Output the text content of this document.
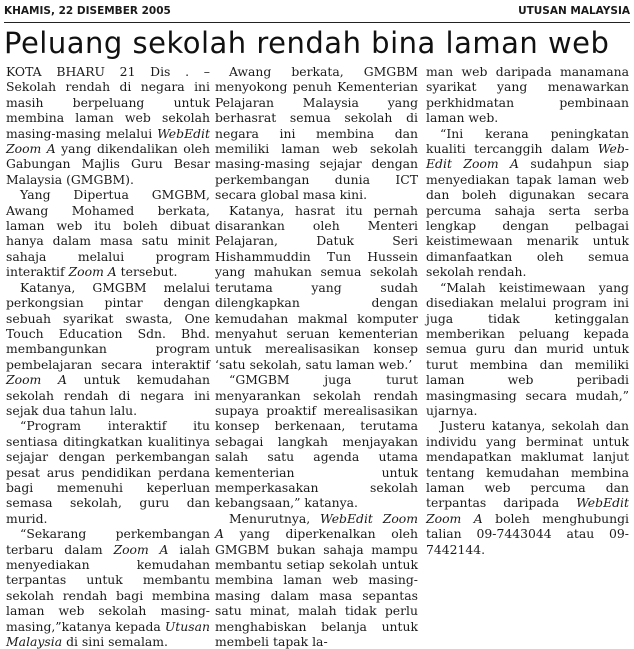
KHAMIS, 22 DISEMBER 2005	UTUSAN MALAYSIA
Peluang sekolah rendah bina laman web

KOTA BHARU 21 Dis . – Sekolah rendah di negara ini masih berpeluang untuk membina laman web sekolah masing-masing melalui WebEdit Zoom A yang dikendalikan oleh Gabungan Majlis Guru Besar Malaysia (GMGBM).

Yang Dipertua GMGBM, Awang Mohamed berkata, laman web itu boleh dibuat hanya dalam masa satu minit sahaja melalui program interaktif Zoom A tersebut.

Katanya, GMGBM melalui perkongsian pintar dengan sebuah syarikat swasta, One Touch Education Sdn. Bhd. membangunkan program pembelajaran secara interaktif Zoom A untuk kemudahan sekolah rendah di negara ini sejak dua tahun lalu.

“Program interaktif itu sentiasa ditingkatkan kualitinya sejajar dengan perkembangan pesat arus pendidikan perdana bagi memenuhi keperluan semasa sekolah, guru dan murid.

“Sekarang perkembangan terbaru dalam Zoom A ialah menyediakan kemudahan terpantas untuk membantu sekolah rendah bagi membina laman web sekolah masing-masing,”katanya kepada Utusan Malaysia di sini semalam.

Awang berkata, GMGBM menyokong penuh Kementerian Pelajaran Malaysia yang berhasrat semua sekolah di negara ini membina dan memiliki laman web sekolah masing-masing sejajar dengan perkembangan dunia ICT secara global masa kini.

Katanya, hasrat itu pernah disarankan oleh Menteri Pelajaran, Datuk Seri Hishammuddin Tun Hussein yang mahukan semua sekolah terutama yang sudah dilengkapkan dengan kemudahan makmal komputer menyahut seruan kementerian untuk merealisasikan konsep ‘satu sekolah, satu laman web.’

“GMGBM juga turut menyarankan sekolah rendah supaya proaktif merealisasikan konsep berkenaan, terutama sebagai langkah menjayakan salah satu agenda utama kementerian untuk memperkasakan sekolah kebangsaan,” katanya.

Menurutnya, WebEdit Zoom A yang diperkenalkan oleh GMGBM bukan sahaja mampu membantu setiap sekolah untuk membina laman web masing-masing dalam masa sepantas satu minat, malah tidak perlu menghabiskan belanja untuk membeli tapak la-

man web daripada manamana syarikat yang menawarkan perkhidmatan pembinaan laman web.

“Ini kerana peningkatan kualiti tercanggih dalam Web-Edit Zoom A sudahpun siap menyediakan tapak laman web dan boleh digunakan secara percuma sahaja serta serba lengkap dengan pelbagai keistimewaan menarik untuk dimanfaatkan oleh semua sekolah rendah.

“Malah keistimewaan yang disediakan melalui program ini juga tidak ketinggalan memberikan peluang kepada semua guru dan murid untuk turut membina dan memiliki laman web peribadi masingmasing secara mudah,” ujarnya.

Justeru katanya, sekolah dan individu yang berminat untuk mendapatkan maklumat lanjut tentang kemudahan membina laman web percuma dan terpantas daripada WebEdit Zoom A boleh menghubungi talian 09-7443044 atau 09-7442144.
